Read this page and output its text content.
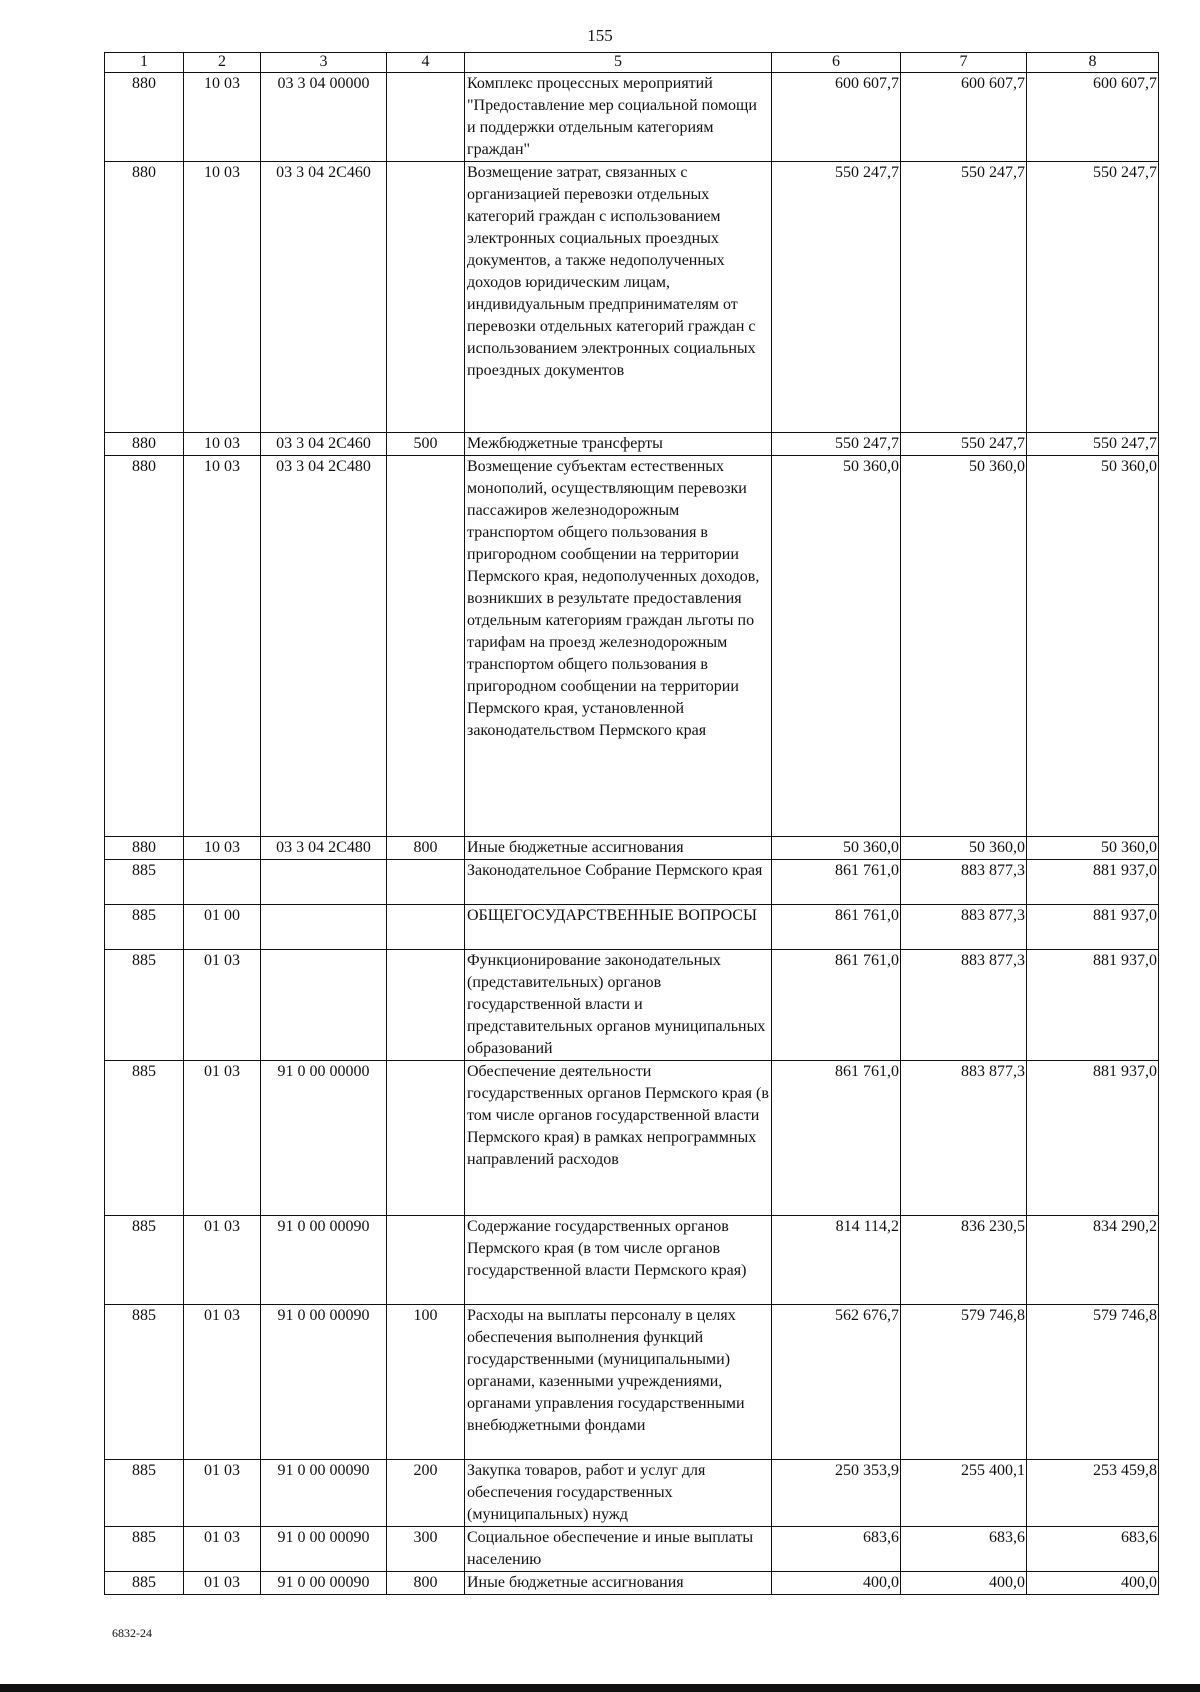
155
1	2	3	4	5	6	7	8
880	10 03	03 3 04 00000		Комплекс процессных мероприятий "Предоставление мер социальной помощи и поддержки отдельным категориям граждан"	600 607,7	600 607,7	600 607,7
880	10 03	03 3 04 2С460		Возмещение затрат, связанных с организацией перевозки отдельных категорий граждан с использованием электронных социальных проездных документов, а также недополученных доходов юридическим лицам, индивидуальным предпринимателям от перевозки отдельных категорий граждан с использованием электронных социальных проездных документов	550 247,7	550 247,7	550 247,7
880	10 03	03 3 04 2С460	500	Межбюджетные трансферты	550 247,7	550 247,7	550 247,7
880	10 03	03 3 04 2С480		Возмещение субъектам естественных монополий, осуществляющим перевозки пассажиров железнодорожным транспортом общего пользования в пригородном сообщении на территории Пермского края, недополученных доходов, возникших в результате предоставления отдельным категориям граждан льготы по тарифам на проезд железнодорожным транспортом общего пользования в пригородном сообщении на территории Пермского края, установленной законодательством Пермского края	50 360,0	50 360,0	50 360,0
880	10 03	03 3 04 2С480	800	Иные бюджетные ассигнования	50 360,0	50 360,0	50 360,0
885				Законодательное Собрание Пермского края	861 761,0	883 877,3	881 937,0
885	01 00			ОБЩЕГОСУДАРСТВЕННЫЕ ВОПРОСЫ	861 761,0	883 877,3	881 937,0
885	01 03			Функционирование законодательных (представительных) органов государственной власти и представительных органов муниципальных образований	861 761,0	883 877,3	881 937,0
885	01 03	91 0 00 00000		Обеспечение деятельности государственных органов Пермского края (в том числе органов государственной власти Пермского края) в рамках непрограммных направлений расходов	861 761,0	883 877,3	881 937,0
885	01 03	91 0 00 00090		Содержание государственных органов Пермского края (в том числе органов государственной власти Пермского края)	814 114,2	836 230,5	834 290,2
885	01 03	91 0 00 00090	100	Расходы на выплаты персоналу в целях обеспечения выполнения функций государственными (муниципальными) органами, казенными учреждениями, органами управления государственными внебюджетными фондами	562 676,7	579 746,8	579 746,8
885	01 03	91 0 00 00090	200	Закупка товаров, работ и услуг для обеспечения государственных (муниципальных) нужд	250 353,9	255 400,1	253 459,8
885	01 03	91 0 00 00090	300	Социальное обеспечение и иные выплаты населению	683,6	683,6	683,6
885	01 03	91 0 00 00090	800	Иные бюджетные ассигнования	400,0	400,0	400,0
6832-24
